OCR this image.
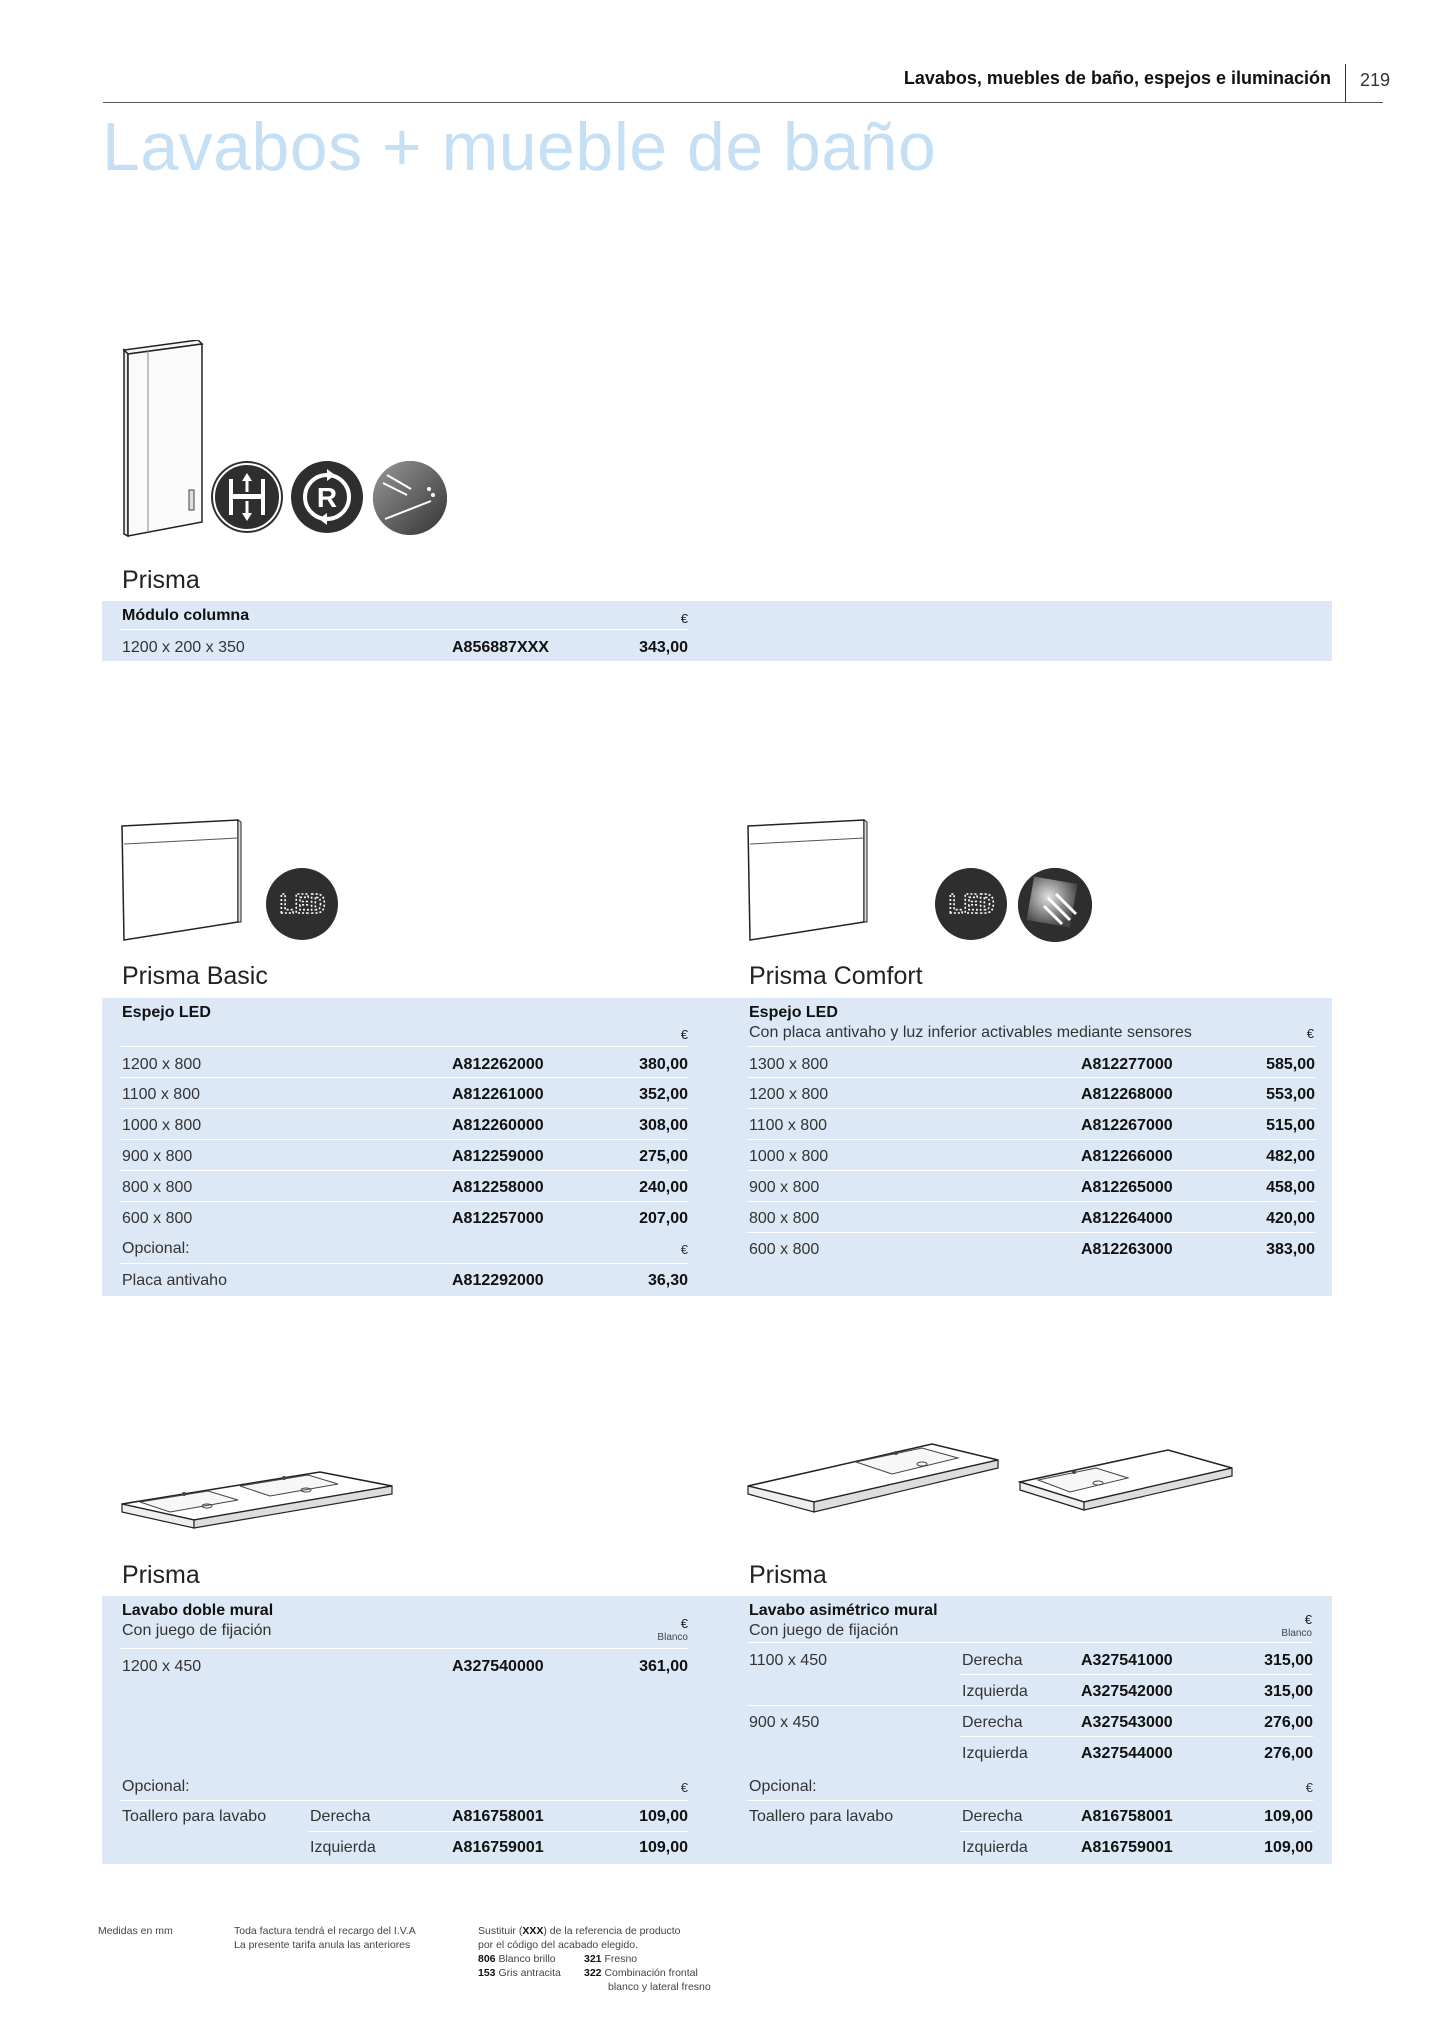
Lavabos, muebles de baño, espejos e iluminación 219
Lavabos + mueble de baño
R
Prisma
Módulo columna	€
1200 x 200 x 350	A856887XXX	343,00
LED	LED
Prisma Basic	Prisma Comfort
Espejo LED
€
1200 x 800	A812262000	380,00
1100 x 800	A812261000	352,00
1000 x 800	A812260000	308,00
900 x 800	A812259000	275,00
800 x 800	A812258000	240,00
600 x 800	A812257000	207,00
Opcional:	€
Placa antivaho	A812292000	36,30
Espejo LED
Con placa antivaho y luz inferior activables mediante sensores	€
1300 x 800	A812277000	585,00
1200 x 800	A812268000	553,00
1100 x 800	A812267000	515,00
1000 x 800	A812266000	482,00
900 x 800	A812265000	458,00
800 x 800	A812264000	420,00
600 x 800	A812263000	383,00
Prisma	Prisma
Lavabo doble mural
Con juego de fijación	€
Blanco
1200 x 450	A327540000	361,00
Opcional:	€
Toallero para lavabo	Derecha	A816758001	109,00
Izquierda	A816759001	109,00
Lavabo asimétrico mural
Con juego de fijación
€
Blanco
1100 x 450	Derecha	A327541000	315,00
Izquierda	A327542000	315,00
900 x 450	Derecha	A327543000	276,00
Izquierda	A327544000	276,00
Opcional:	€
Toallero para lavabo	Derecha	A816758001	109,00
Izquierda	A816759001	109,00
Medidas en mm	Toda factura tendrá el recargo del I.V.A
La presente tarifa anula las anteriores
Sustituir (XXX) de la referencia de producto
por el código del acabado elegido.
806 Blanco brillo	321 Fresno
153 Gris antracita 322 Combinación frontal
blanco y lateral fresno
